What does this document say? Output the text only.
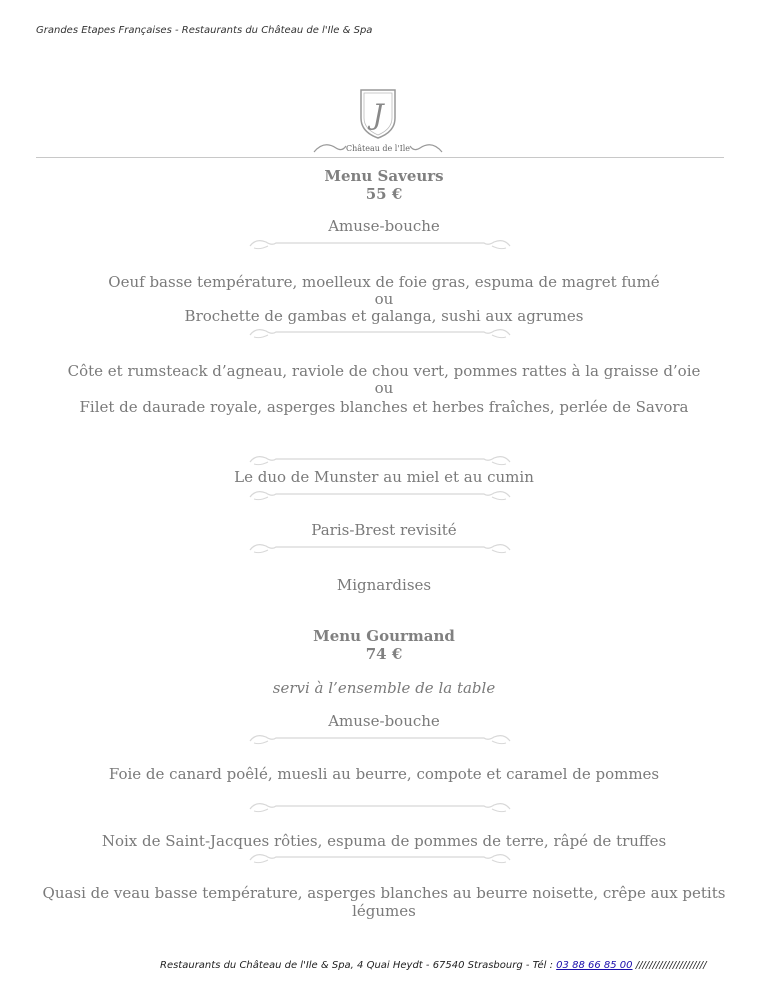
Grandes Etapes Françaises - Restaurants du Château de l'Ile & Spa
J
Château de l'Ile
Menu Saveurs
55 €
Amuse-bouche
Oeuf basse température, moelleux de foie gras, espuma de magret fumé
ou
Brochette de gambas et galanga, sushi aux agrumes
Côte et rumsteack d’agneau, raviole de chou vert, pommes rattes à la graisse d’oie
ou
Filet de daurade royale, asperges blanches et herbes fraîches, perlée de Savora
Le duo de Munster au miel et au cumin
Paris-Brest revisité
Mignardises
Menu Gourmand
74 €
servi à l’ensemble de la table
Amuse-bouche
Foie de canard poêlé, muesli au beurre, compote et caramel de pommes
Noix de Saint-Jacques rôties, espuma de pommes de terre, râpé de truffes
Quasi de veau basse température, asperges blanches au beurre noisette, crêpe aux petits légumes
Restaurants du Château de l'Ile & Spa, 4 Quai Heydt - 67540 Strasbourg - Tél : 03 88 66 85 00 /////////////////////
